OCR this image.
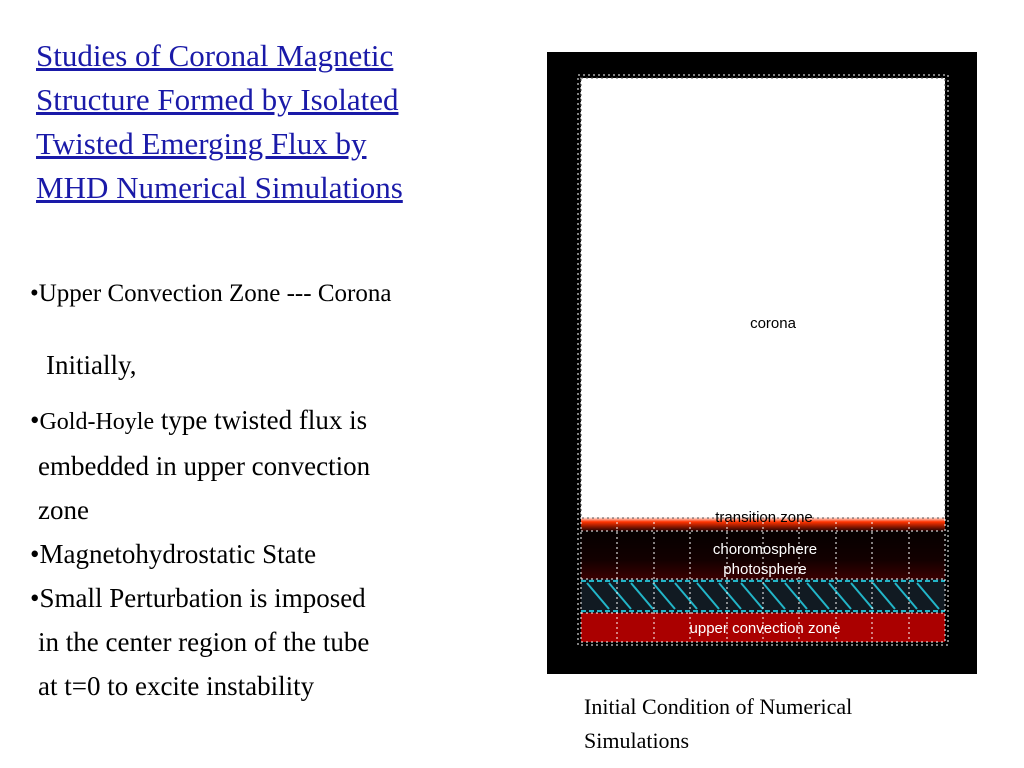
Studies of Coronal Magnetic
Structure Formed by Isolated
Twisted Emerging Flux by
MHD Numerical Simulations

•Upper Convection Zone --- Corona

Initially,

•Gold-Hoyle type twisted flux is
embedded in upper convection
zone
•Magnetohydrostatic State
•Small Perturbation is imposed
in the center region of the tube
at t=0 to excite instability
corona
transition zone
choromosphere
photosphere
upper convection zone
Initial Condition of Numerical
Simulations
